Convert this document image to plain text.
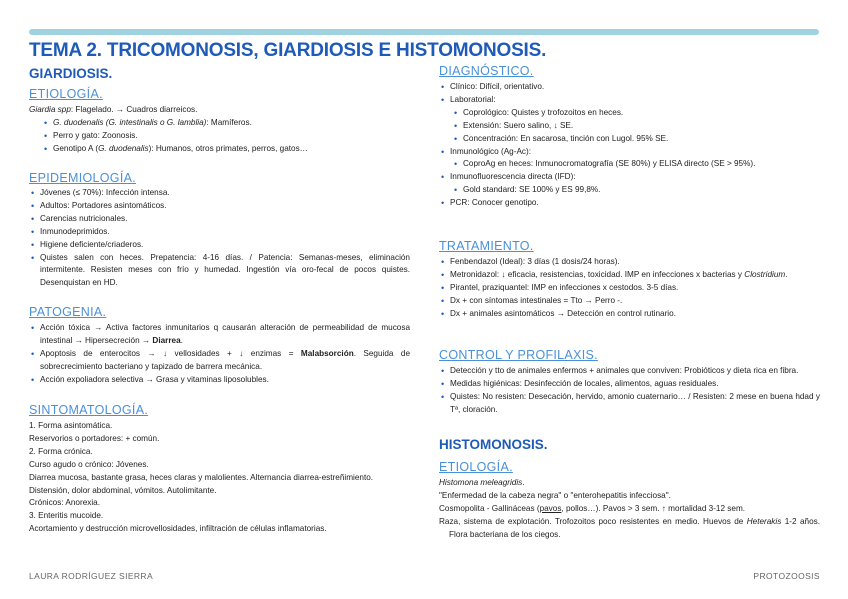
TEMA 2. TRICOMONOSIS, GIARDIOSIS E HISTOMONOSIS.
GIARDIOSIS.
ETIOLOGÍA.
Giardia spp: Flagelado. → Cuadros diarreicos.
• G. duodenalis (G. intestinalis o G. lamblia): Mamíferos.
• Perro y gato: Zoonosis.
• Genotipo A (G. duodenalis): Humanos, otros primates, perros, gatos…
EPIDEMIOLOGÍA.
• Jóvenes (≤ 70%): Infección intensa.
• Adultos: Portadores asintomáticos.
• Carencias nutricionales.
• Inmunodeprimidos.
• Higiene deficiente/criaderos.
• Quistes salen con heces. Prepatencia: 4-16 días. / Patencia: Semanas-meses, eliminación intermitente. Resisten meses con frío y humedad. Ingestión vía oro-fecal de pocos quistes. Desenquistan en HD.
PATOGENIA.
• Acción tóxica → Activa factores inmunitarios q causarán alteración de permeabilidad de mucosa intestinal → Hipersecreción → Diarrea.
• Apoptosis de enterocitos → ↓ vellosidades + ↓ enzimas = Malabsorción. Seguida de sobrecrecimiento bacteriano y tapizado de barrera mecánica.
• Acción expoliadora selectiva → Grasa y vitaminas liposolubles.
SINTOMATOLOGÍA.
1. Forma asintomática.
Reservorios o portadores: + común.
2. Forma crónica.
Curso agudo o crónico: Jóvenes.
Diarrea mucosa, bastante grasa, heces claras y malolientes. Alternancia diarrea-estreñimiento.
Distensión, dolor abdominal, vómitos. Autolimitante.
Crónicos: Anorexia.
3. Enteritis mucoide.
Acortamiento y destrucción microvellosidades, infiltración de células inflamatorias.
DIAGNÓSTICO.
• Clínico: Difícil, orientativo.
• Laboratorial:
• Coprológico: Quistes y trofozoitos en heces.
• Extensión: Suero salino, ↓ SE.
• Concentración: En sacarosa, tinción con Lugol. 95% SE.
• Inmunológico (Ag-Ac):
• CoproAg en heces: Inmunocromatografía (SE 80%) y ELISA directo (SE > 95%).
• Inmunofluorescencia directa (IFD):
• Gold standard: SE 100% y ES 99,8%.
• PCR: Conocer genotipo.
TRATAMIENTO.
• Fenbendazol (Ideal): 3 días (1 dosis/24 horas).
• Metronidazol: ↓ eficacia, resistencias, toxicidad. IMP en infecciones x bacterias y Clostridium.
• Pirantel, praziquantel: IMP en infecciones x cestodos. 3-5 días.
• Dx + con síntomas intestinales = Tto → Perro -.
• Dx + animales asintomáticos → Detección en control rutinario.
CONTROL Y PROFILAXIS.
• Detección y tto de animales enfermos + animales que conviven: Probióticos y dieta rica en fibra.
• Medidas higiénicas: Desinfección de locales, alimentos, aguas residuales.
• Quistes: No resisten: Desecación, hervido, amonio cuaternario… / Resisten: 2 mese en buena hdad y Tª, cloración.
HISTOMONOSIS.
ETIOLOGÍA.
Histomona meleagridis.
"Enfermedad de la cabeza negra" o "enterohepatitis infecciosa".
Cosmopolita - Gallináceas (pavos, pollos…). Pavos > 3 sem. ↑ mortalidad 3-12 sem.
Raza, sistema de explotación. Trofozoitos poco resistentes en medio. Huevos de Heterakis 1-2 años. Flora bacteriana de los ciegos.
LAURA RODRÍGUEZ SIERRA	PROTOZOOSIS
